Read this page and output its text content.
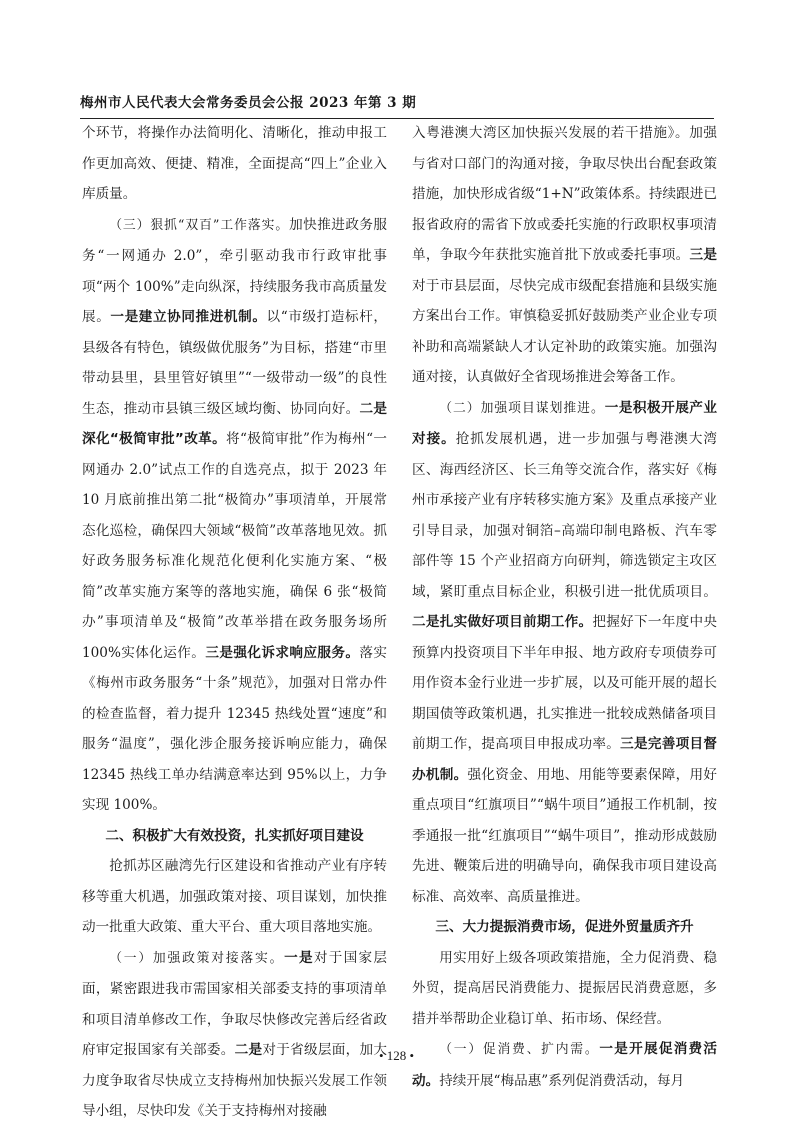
梅州市人民代表大会常务委员会公报 2023 年第 3 期

个环节，将操作办法简明化、清晰化，推动申报工作更加高效、便捷、精准，全面提高“四上”企业入库质量。

（三）狠抓“双百”工作落实。加快推进政务服务“一网通办 2.0”，牵引驱动我市行政审批事项“两个 100%”走向纵深，持续服务我市高质量发展。一是建立协同推进机制。以“市级打造标杆，县级各有特色，镇级做优服务”为目标，搭建“市里带动县里，县里管好镇里”“一级带动一级”的良性生态，推动市县镇三级区域均衡、协同向好。二是深化“极简审批”改革。将“极简审批”作为梅州“一网通办 2.0”试点工作的自选亮点，拟于 2023 年 10 月底前推出第二批“极简办”事项清单，开展常态化巡检，确保四大领域“极简”改革落地见效。抓好政务服务标准化规范化便利化实施方案、“极简”改革实施方案等的落地实施，确保 6 张“极简办”事项清单及“极简”改革举措在政务服务场所 100%实体化运作。三是强化诉求响应服务。落实《梅州市政务服务“十条”规范》，加强对日常办件的检查监督，着力提升 12345 热线处置“速度”和服务“温度”，强化涉企服务接诉响应能力，确保 12345 热线工单办结满意率达到 95%以上，力争实现 100%。

二、积极扩大有效投资，扎实抓好项目建设

抢抓苏区融湾先行区建设和省推动产业有序转移等重大机遇，加强政策对接、项目谋划，加快推动一批重大政策、重大平台、重大项目落地实施。

（一）加强政策对接落实。一是对于国家层面，紧密跟进我市需国家相关部委支持的事项清单和项目清单修改工作，争取尽快修改完善后经省政府审定报国家有关部委。二是对于省级层面，加大力度争取省尽快成立支持梅州加快振兴发展工作领导小组，尽快印发《关于支持梅州对接融

入粤港澳大湾区加快振兴发展的若干措施》。加强与省对口部门的沟通对接，争取尽快出台配套政策措施，加快形成省级“1+N”政策体系。持续跟进已报省政府的需省下放或委托实施的行政职权事项清单，争取今年获批实施首批下放或委托事项。三是对于市县层面，尽快完成市级配套措施和县级实施方案出台工作。审慎稳妥抓好鼓励类产业企业专项补助和高端紧缺人才认定补助的政策实施。加强沟通对接，认真做好全省现场推进会筹备工作。

（二）加强项目谋划推进。一是积极开展产业对接。抢抓发展机遇，进一步加强与粤港澳大湾区、海西经济区、长三角等交流合作，落实好《梅州市承接产业有序转移实施方案》及重点承接产业引导目录，加强对铜箔–高端印制电路板、汽车零部件等 15 个产业招商方向研判，筛选锁定主攻区域，紧盯重点目标企业，积极引进一批优质项目。二是扎实做好项目前期工作。把握好下一年度中央预算内投资项目下半年申报、地方政府专项债券可用作资本金行业进一步扩展，以及可能开展的超长期国债等政策机遇，扎实推进一批较成熟储备项目前期工作，提高项目申报成功率。三是完善项目督办机制。强化资金、用地、用能等要素保障，用好重点项目“红旗项目”“蜗牛项目”通报工作机制，按季通报一批“红旗项目”“蜗牛项目”，推动形成鼓励先进、鞭策后进的明确导向，确保我市项目建设高标准、高效率、高质量推进。

三、大力提振消费市场，促进外贸量质齐升

用实用好上级各项政策措施，全力促消费、稳外贸，提高居民消费能力、提振居民消费意愿，多措并举帮助企业稳订单、拓市场、保经营。

（一）促消费、扩内需。一是开展促消费活动。持续开展“梅品惠”系列促消费活动，每月

• 128 •
